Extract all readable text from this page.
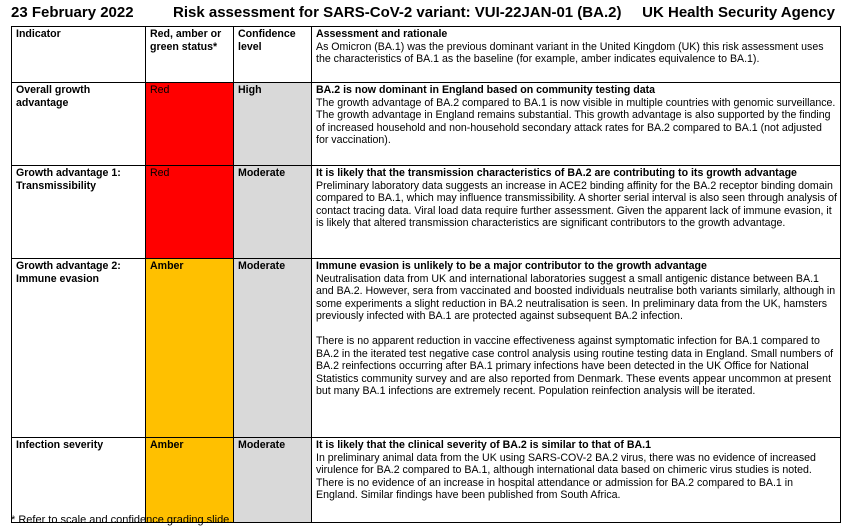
23 February 2022	Risk assessment for SARS-CoV-2 variant: VUI-22JAN-01 (BA.2) UK Health Security Agency
Indicator	Red, amber or green status*	Confidence level	Assessment and rationale
As Omicron (BA.1) was the previous dominant variant in the United Kingdom (UK) this risk assessment uses the characteristics of BA.1 as the baseline (for example, amber indicates equivalence to BA.1).

Overall growth advantage	Red	High	BA.2 is now dominant in England based on community testing data
The growth advantage of BA.2 compared to BA.1 is now visible in multiple countries with genomic surveillance. The growth advantage in England remains substantial. This growth advantage is also supported by the finding of increased household and non-household secondary attack rates for BA.2 compared to BA.1 (not adjusted for vaccination).

Growth advantage 1: Transmissibility	Red	Moderate	It is likely that the transmission characteristics of BA.2 are contributing to its growth advantage
Preliminary laboratory data suggests an increase in ACE2 binding affinity for the BA.2 receptor binding domain compared to BA.1, which may influence transmissibility. A shorter serial interval is also seen through analysis of contact tracing data. Viral load data require further assessment. Given the apparent lack of immune evasion, it is likely that altered transmission characteristics are significant contributors to the growth advantage.

Growth advantage 2: Immune evasion	Amber	Moderate	Immune evasion is unlikely to be a major contributor to the growth advantage
Neutralisation data from UK and international laboratories suggest a small antigenic distance between BA.1 and BA.2. However, sera from vaccinated and boosted individuals neutralise both variants similarly, although in some experiments a slight reduction in BA.2 neutralisation is seen. In preliminary data from the UK, hamsters previously infected with BA.1 are protected against subsequent BA.2 infection.
There is no apparent reduction in vaccine effectiveness against symptomatic infection for BA.1 compared to BA.2 in the iterated test negative case control analysis using routine testing data in England. Small numbers of BA.2 reinfections occurring after BA.1 primary infections have been detected in the UK Office for National Statistics community survey and are also reported from Denmark. These events appear uncommon at present but many BA.1 infections are extremely recent. Population reinfection analysis will be iterated.

Infection severity	Amber	Moderate	It is likely that the clinical severity of BA.2 is similar to that of BA.1
In preliminary animal data from the UK using SARS-COV-2 BA.2 virus, there was no evidence of increased virulence for BA.2 compared to BA.1, although international data based on chimeric virus studies is noted.
There is no evidence of an increase in hospital attendance or admission for BA.2 compared to BA.1 in England. Similar findings have been published from South Africa.
* Refer to scale and confidence grading slide.
